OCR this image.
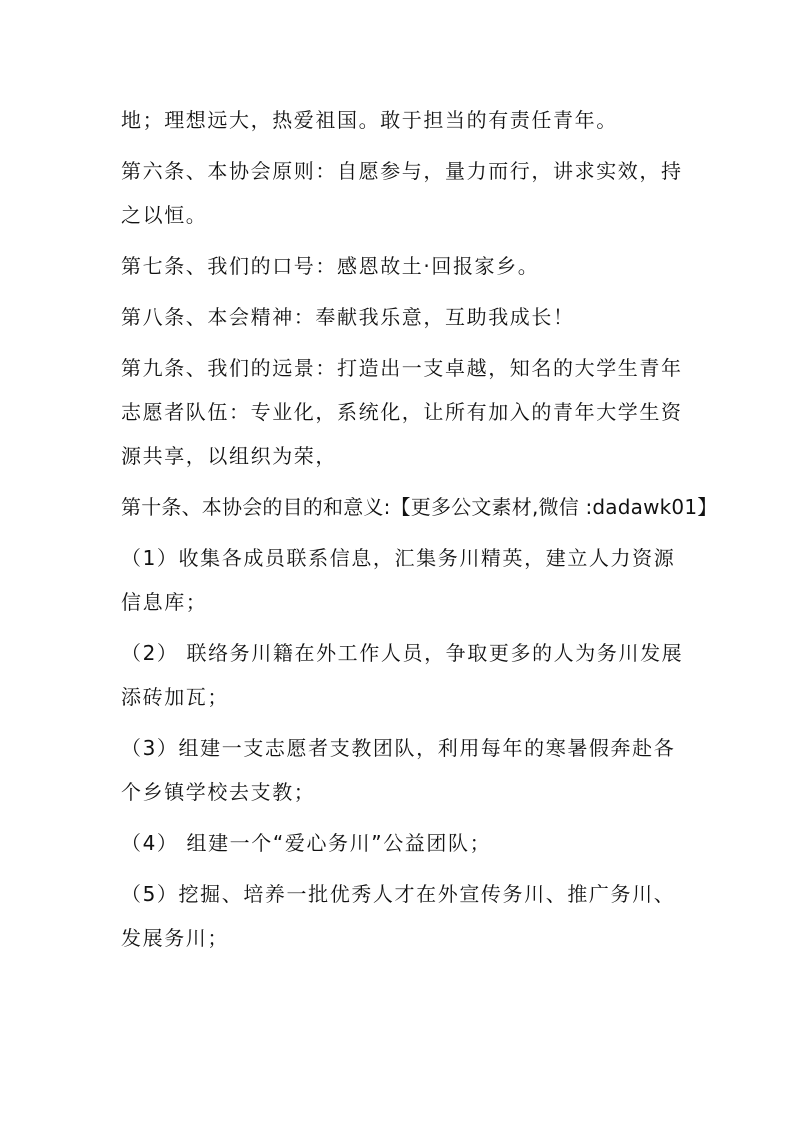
地；理想远大，热爱祖国。敢于担当的有责任青年。

第六条、本协会原则：自愿参与，量力而行，讲求实效，持
之以恒。

第七条、我们的口号：感恩故土·回报家乡。

第八条、本会精神：奉献我乐意，互助我成长！

第九条、我们的远景：打造出一支卓越，知名的大学生青年
志愿者队伍：专业化，系统化，让所有加入的青年大学生资
源共享，以组织为荣，

第十条、本协会的目的和意义:【更多公文素材,微信 :dadawk01】

（1）收集各成员联系信息，汇集务川精英，建立人力资源
信息库；

（2） 联络务川籍在外工作人员，争取更多的人为务川发展
添砖加瓦；

（3）组建一支志愿者支教团队，利用每年的寒暑假奔赴各
个乡镇学校去支教；

（4） 组建一个“爱心务川”公益团队；

（5）挖掘、培养一批优秀人才在外宣传务川、推广务川、
发展务川；
